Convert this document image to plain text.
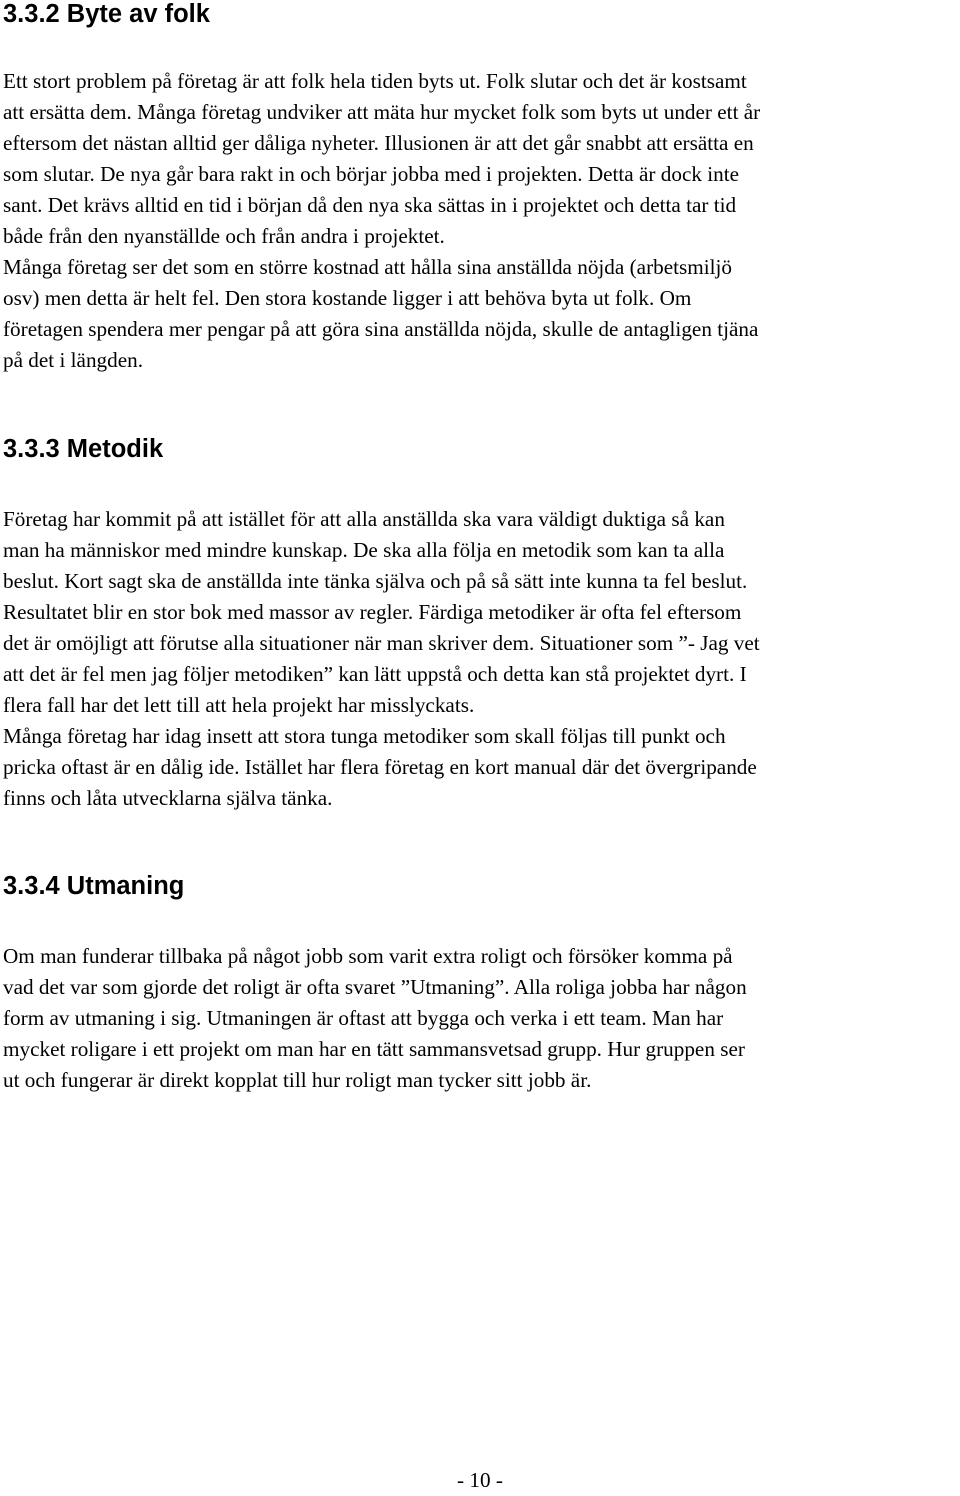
3.3.2 Byte av folk
Ett stort problem på företag är att folk hela tiden byts ut. Folk slutar och det är kostsamt
att ersätta dem. Många företag undviker att mäta hur mycket folk som byts ut under ett år
eftersom det nästan alltid ger dåliga nyheter. Illusionen är att det går snabbt att ersätta en
som slutar. De nya går bara rakt in och börjar jobba med i projekten. Detta är dock inte
sant. Det krävs alltid en tid i början då den nya ska sättas in i projektet och detta tar tid
både från den nyanställde och från andra i projektet.
Många företag ser det som en större kostnad att hålla sina anställda nöjda (arbetsmiljö
osv) men detta är helt fel. Den stora kostande ligger i att behöva byta ut folk. Om
företagen spendera mer pengar på att göra sina anställda nöjda, skulle de antagligen tjäna
på det i längden.
3.3.3 Metodik
Företag har kommit på att istället för att alla anställda ska vara väldigt duktiga så kan
man ha människor med mindre kunskap. De ska alla följa en metodik som kan ta alla
beslut. Kort sagt ska de anställda inte tänka själva och på så sätt inte kunna ta fel beslut.
Resultatet blir en stor bok med massor av regler. Färdiga metodiker är ofta fel eftersom
det är omöjligt att förutse alla situationer när man skriver dem. Situationer som ”- Jag vet
att det är fel men jag följer metodiken” kan lätt uppstå och detta kan stå projektet dyrt. I
flera fall har det lett till att hela projekt har misslyckats.
Många företag har idag insett att stora tunga metodiker som skall följas till punkt och
pricka oftast är en dålig ide. Istället har flera företag en kort manual där det övergripande
finns och låta utvecklarna själva tänka.
3.3.4 Utmaning
Om man funderar tillbaka på något jobb som varit extra roligt och försöker komma på
vad det var som gjorde det roligt är ofta svaret ”Utmaning”. Alla roliga jobba har någon
form av utmaning i sig. Utmaningen är oftast att bygga och verka i ett team. Man har
mycket roligare i ett projekt om man har en tätt sammansvetsad grupp. Hur gruppen ser
ut och fungerar är direkt kopplat till hur roligt man tycker sitt jobb är.
- 10 -
